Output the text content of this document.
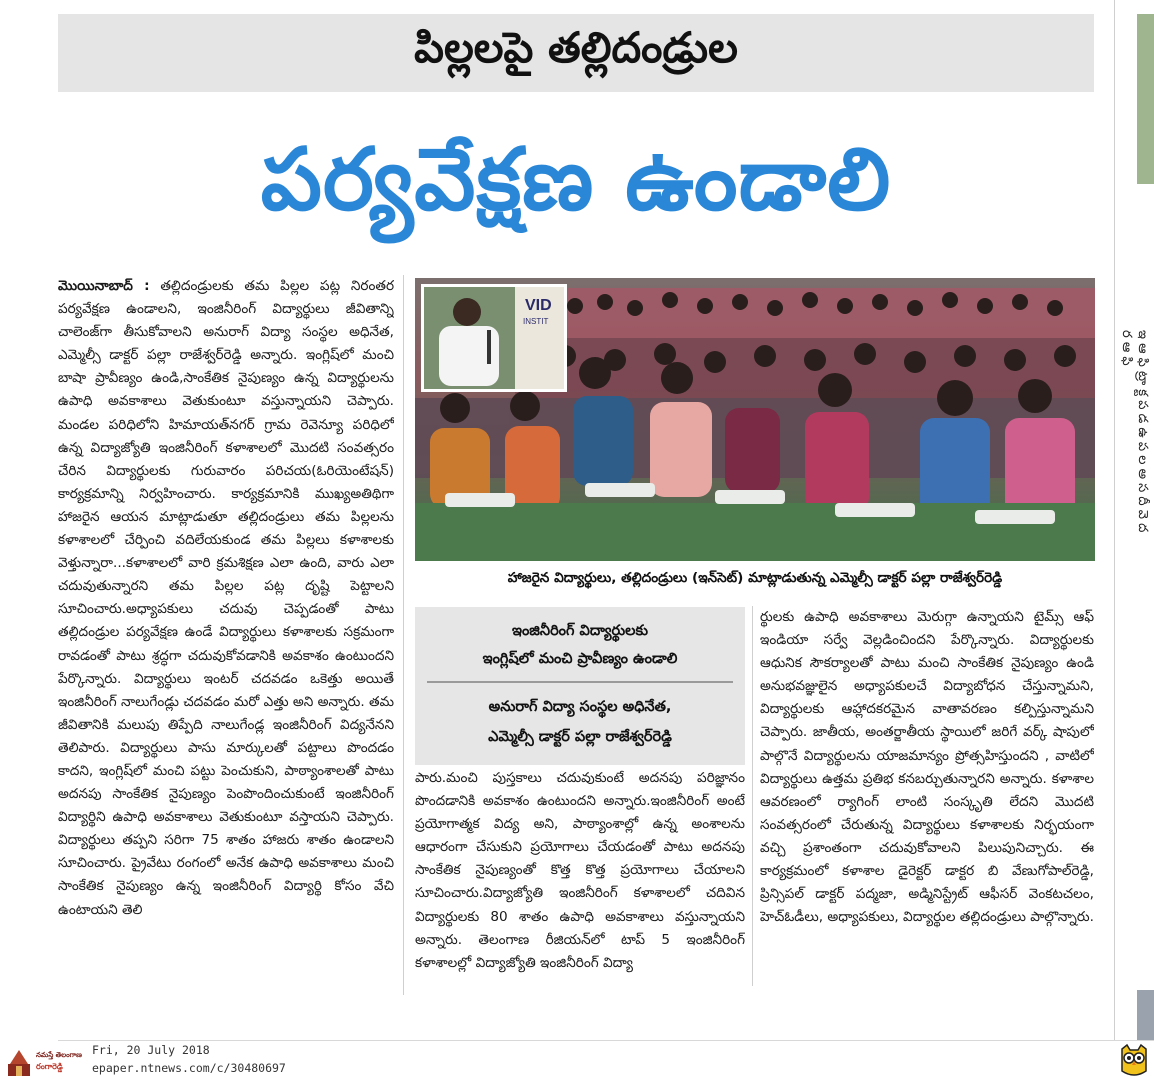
పిల్లలపై తల్లిదండ్రుల
పర్యవేక్షణ ఉండాలి
మొయినాబాద్ : తల్లిదండ్రులకు తమ పిల్లల పట్ల నిరంతర పర్యవేక్షణ ఉండాలని, ఇంజినీరింగ్ విద్యార్థులు జీవితాన్ని చాలెంజ్‌గా తీసుకోవాలని అనురాగ్ విద్యా సంస్థల అధినేత, ఎమ్మెల్సీ డాక్టర్ పల్లా రాజేశ్వర్‌రెడ్డి అన్నారు. ఇంగ్లిష్‌లో మంచి బాషా ప్రావీణ్యం ఉండి,సాంకేతిక నైపుణ్యం ఉన్న విద్యార్థులను ఉపాధి అవకాశాలు వెతుకుంటూ వస్తున్నాయని చెప్పారు. మండల పరిధిలోని హిమాయత్‌నగర్ గ్రామ రెవెన్యూ పరిధిలో ఉన్న విద్యాజ్యోతి ఇంజినీరింగ్ కళాశాలలో మొదటి సంవత్సరం చేరిన విద్యార్థులకు గురువారం పరిచయ(ఓరియెంటేషన్) కార్యక్రమాన్ని నిర్వహించారు. కార్యక్రమానికి ముఖ్యఅతిథిగా హాజరైన ఆయన మాట్లాడుతూ తల్లిదండ్రులు తమ పిల్లలను కళాశాలలో చేర్పించి వదిలేయకుండ తమ పిల్లలు కళాశాలకు వెళ్తున్నారా...కళాశాలలో వారి క్రమశిక్షణ ఎలా ఉంది, వారు ఎలా చదువుతున్నారని తమ పిల్లల పట్ల దృష్టి పెట్టాలని సూచించారు.అధ్యాపకులు చదువు చెప్పడంతో పాటు తల్లిదండ్రుల పర్యవేక్షణ ఉండే విద్యార్థులు కళాశాలకు సక్రమంగా రావడంతో పాటు శ్రద్ధగా చదువుకోవడానికి అవకాశం ఉంటుందని పేర్కొన్నారు. విద్యార్థులు ఇంటర్ చదవడం ఒకెత్తు అయితే ఇంజినీరింగ్ నాలుగేండ్లు చదవడం మరో ఎత్తు అని అన్నారు. తమ జీవితానికి మలుపు తిప్పేది నాలుగేండ్ల ఇంజినీరింగ్ విద్యనేనని తెలిపారు. విద్యార్థులు పాసు మార్కులతో పట్టాలు పొందడం కాదని, ఇంగ్లిష్‌లో మంచి పట్టు పెంచుకుని, పాఠ్యాంశాలతో పాటు అదనపు సాంకేతిక నైపుణ్యం పెంపొందించుకుంటే ఇంజినీరింగ్ విద్యార్థిని ఉపాధి అవకాశాలు వెతుకుంటూ వస్తాయని చెప్పారు. విద్యార్థులు తప్పని సరిగా 75 శాతం హాజరు శాతం ఉండాలని సూచించారు. ప్రైవేటు రంగంలో అనేక ఉపాధి అవకాశాలు మంచి సాంకేతిక నైపుణ్యం ఉన్న ఇంజినీరింగ్ విద్యార్థి కోసం వేచి ఉంటాయని తెలి
VID
INSTIT
హాజరైన విద్యార్థులు, తల్లిదండ్రులు (ఇన్‌సెట్) మాట్లాడుతున్న ఎమ్మెల్సీ డాక్టర్ పల్లా రాజేశ్వర్‌రెడ్డి
ఇంజినీరింగ్ విద్యార్థులకు
ఇంగ్లిష్‌లో మంచి ప్రావీణ్యం ఉండాలి
అనురాగ్ విద్యా సంస్థల అధినేత,
ఎమ్మెల్సీ డాక్టర్ పల్లా రాజేశ్వర్‌రెడ్డి
పారు.మంచి పుస్తకాలు చదువుకుంటే అదనపు పరిజ్ఞానం పొందడానికి అవకాశం ఉంటుందని అన్నారు.ఇంజినీరింగ్ అంటే ప్రయోగాత్మక విద్య అని, పాఠ్యాంశాల్లో ఉన్న అంశాలను ఆధారంగా చేసుకుని ప్రయోగాలు చేయడంతో పాటు అదనపు సాంకేతిక నైపుణ్యంతో కొత్త కొత్త ప్రయోగాలు చేయాలని సూచించారు.విద్యాజ్యోతి ఇంజినీరింగ్ కళాశాలలో చదివిన విద్యార్థులకు 80 శాతం ఉపాధి అవకాశాలు వస్తున్నాయని అన్నారు. తెలంగాణ రీజియన్‌లో టాప్ 5 ఇంజినీరింగ్ కళాశాలల్లో విద్యాజ్యోతి ఇంజినీరింగ్ విద్యా
ర్థులకు ఉపాధి అవకాశాలు మెరుగ్గా ఉన్నాయని టైమ్స్ ఆఫ్ ఇండియా సర్వే వెల్లడించిందని పేర్కొన్నారు. విద్యార్థులకు ఆధునిక సౌకర్యాలతో పాటు మంచి సాంకేతిక నైపుణ్యం ఉండి అనుభవజ్ఞులైన అధ్యాపకులచే విద్యాబోధన చేస్తున్నామని, విద్యార్థులకు ఆహ్లాదకరమైన వాతావరణం కల్పిస్తున్నామని చెప్పారు. జాతీయ, అంతర్జాతీయ స్థాయిలో జరిగే వర్క్ షాపులో పాల్గొనే విద్యార్థులను యాజమాన్యం ప్రోత్సహిస్తుందని , వాటిలో విద్యార్థులు ఉత్తమ ప్రతిభ కనబర్చుతున్నారని అన్నారు. కళాశాల ఆవరణంలో ర్యాగింగ్ లాంటి సంస్కృతి లేదని మొదటి సంవత్సరంలో చేరుతున్న విద్యార్థులు కళాశాలకు నిర్భయంగా వచ్చి ప్రశాంతంగా చదువుకోవాలని పిలుపునిచ్చారు. ఈ కార్యక్రమంలో కళాశాల డైరెక్టర్ డాక్టర బి వేణుగోపాల్‌రెడ్డి, ప్రిన్సిపల్ డాక్టర్ పద్మజా, అడ్మినిస్ట్రేట్ ఆఫీసర్ వెంకటచలం, హెచ్ఓడీలు, అధ్యాపకులు, విద్యార్థుల తల్లిదండ్రులు పాల్గొన్నారు.
ఇ ఆ ఫి ట్రా క్ట ప డ ఉ ప ల అ స దీ వె ద
ర ఆ ఫి
నమస్తే తెలంగాణ
రంగారెడ్డి
Fri, 20 July 2018
epaper.ntnews.com/c/30480697
